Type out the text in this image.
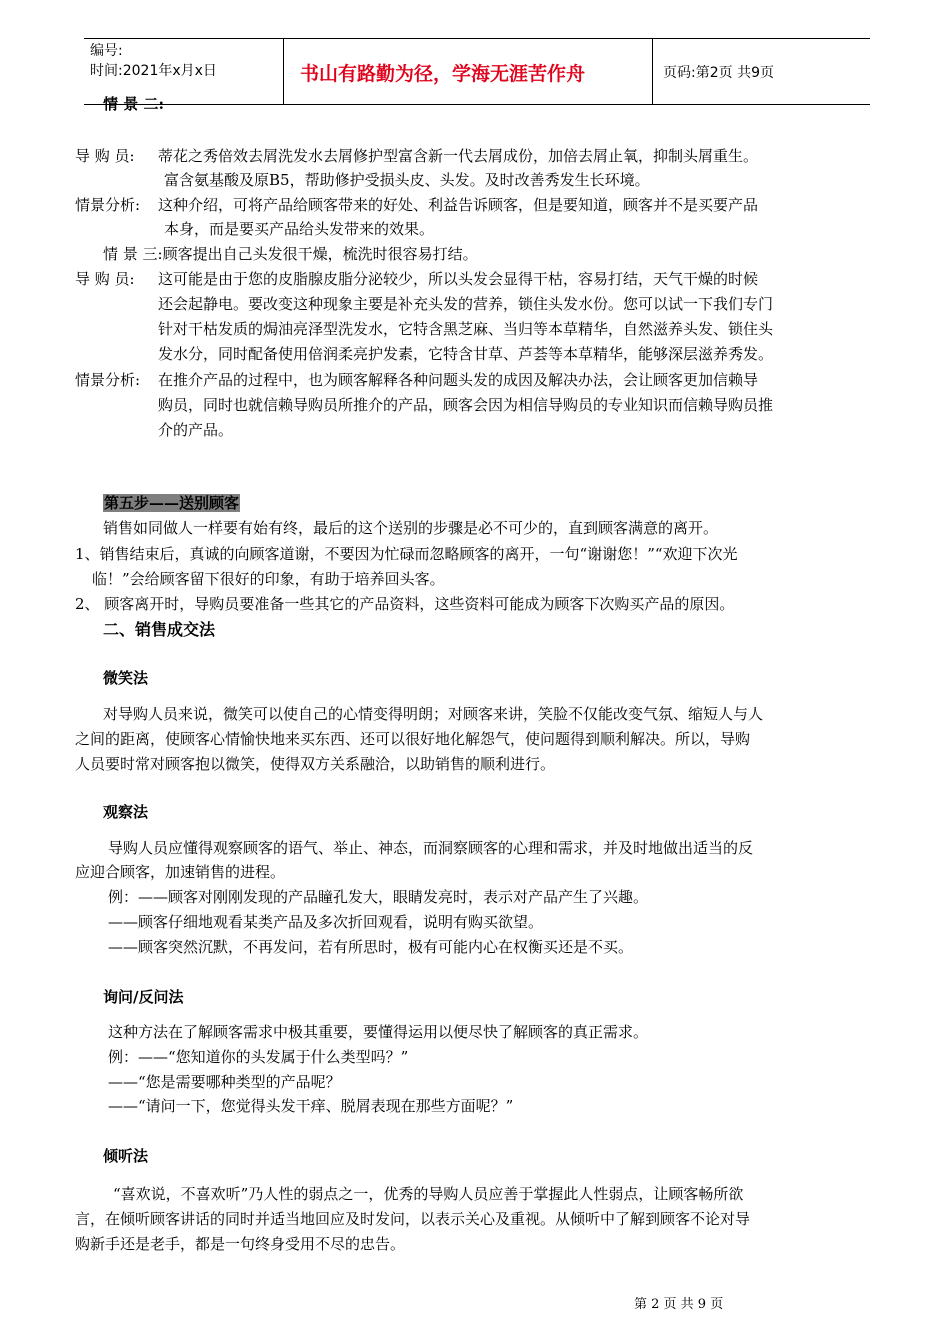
编号:
时间:2021年x月x日	书山有路勤为径，学海无涯苦作舟	页码:第2页 共9页
情 景 二:
导 购 员: 蒂花之秀倍效去屑洗发水去屑修护型富含新一代去屑成份，加倍去屑止氧，抑制头屑重生。
富含氨基酸及原B5，帮助修护受损头皮、头发。及时改善秀发生长环境。
情景分析: 这种介绍，可将产品给顾客带来的好处、利益告诉顾客，但是要知道，顾客并不是买要产品
本身，而是要买产品给头发带来的效果。
情 景 三:顾客提出自己头发很干燥，梳洗时很容易打结。
导 购 员: 这可能是由于您的皮脂腺皮脂分泌较少，所以头发会显得干枯，容易打结，天气干燥的时候
还会起静电。要改变这种现象主要是补充头发的营养，锁住头发水份。您可以试一下我们专门
针对干枯发质的焗油亮泽型洗发水，它特含黑芝麻、当归等本草精华，自然滋养头发、锁住头
发水分，同时配备使用倍润柔亮护发素，它特含甘草、芦荟等本草精华，能够深层滋养秀发。
情景分析: 在推介产品的过程中，也为顾客解释各种问题头发的成因及解决办法，会让顾客更加信赖导
购员，同时也就信赖导购员所推介的产品，顾客会因为相信导购员的专业知识而信赖导购员推
介的产品。
第五步——送别顾客
销售如同做人一样要有始有终，最后的这个送别的步骤是必不可少的，直到顾客满意的离开。
1、销售结束后，真诚的向顾客道谢，不要因为忙碌而忽略顾客的离开，一句“谢谢您！”“欢迎下次光
临！”会给顾客留下很好的印象，有助于培养回头客。
2、 顾客离开时，导购员要准备一些其它的产品资料，这些资料可能成为顾客下次购买产品的原因。
二、销售成交法
微笑法
对导购人员来说，微笑可以使自己的心情变得明朗；对顾客来讲，笑脸不仅能改变气氛、缩短人与人
之间的距离，使顾客心情愉快地来买东西、还可以很好地化解怨气，使问题得到顺利解决。所以，导购
人员要时常对顾客抱以微笑，使得双方关系融洽，以助销售的顺利进行。
观察法
导购人员应懂得观察顾客的语气、举止、神态，而洞察顾客的心理和需求，并及时地做出适当的反
应迎合顾客，加速销售的进程。
例：——顾客对刚刚发现的产品瞳孔发大，眼睛发亮时，表示对产品产生了兴趣。
——顾客仔细地观看某类产品及多次折回观看，说明有购买欲望。
——顾客突然沉默，不再发问，若有所思时，极有可能内心在权衡买还是不买。
询问/反问法
这种方法在了解顾客需求中极其重要，要懂得运用以便尽快了解顾客的真正需求。
例：——“您知道你的头发属于什么类型吗？”
——“您是需要哪种类型的产品呢？
——“请问一下，您觉得头发干痒、脱屑表现在那些方面呢？”
倾听法
“喜欢说，不喜欢听”乃人性的弱点之一，优秀的导购人员应善于掌握此人性弱点，让顾客畅所欲
言，在倾听顾客讲话的同时并适当地回应及时发问，以表示关心及重视。从倾听中了解到顾客不论对导
购新手还是老手，都是一句终身受用不尽的忠告。
第 2 页 共 9 页
